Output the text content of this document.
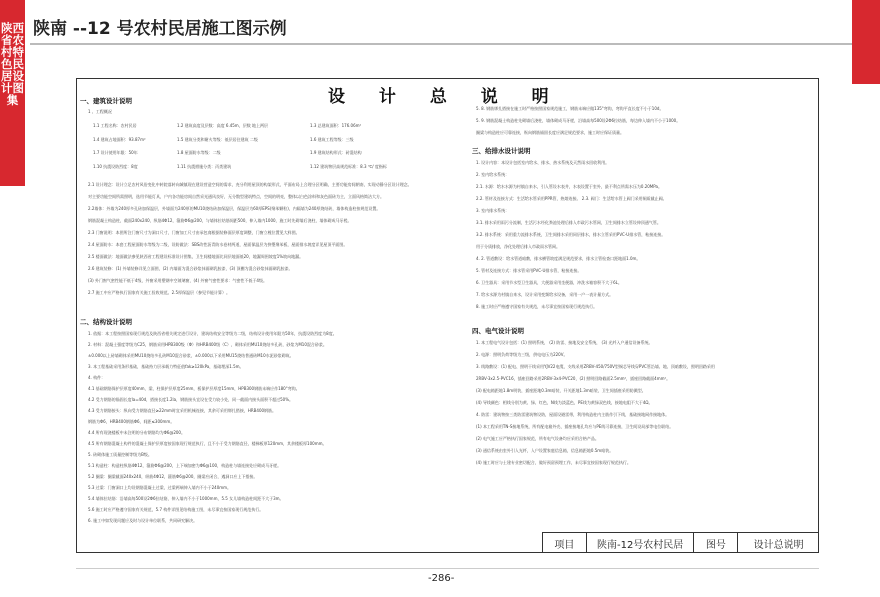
陕西省农村特色民居设计图集
陕南 --12 号农村民居施工图示例
设 计 总 说 明
一、建筑设计说明
1 、工程概况
1.1 工程名称：农村民居	1.2 建筑高度及层数：高度 6.45m，层数 地上两层	1.3 总建筑面积：176.06m²
1.4 建筑占地面积：93.87m²	1.5 建筑分类和耐火等级：低层居住建筑 二级	1.6 建筑工程等级：三级
1.7 设计使用年限：50年	1.8 屋面防水等级：二级	1.9 建筑结构形式：砖混结构
1.10 抗震设防烈度：8度	1.11 抗震措施分类：丙类建筑	1.12 建筑物层高规范标准：8.3 ℃/ 度指标
2.1 设计理念：设计立足农村风俗变化中转院落转向城镇现在建设营造空间的需求，充分利用屋顶的构架形式，平面布局上合理分区明确，主要功能房间朝南，实现动静分区设计理念。
对主要功能空间所需照明，选用节能灯具，户内各功能房间自然采光通风良好，无分散型建筑特点，空间的明亮，整体以白色涂料和灰色面砖为主，立面风格简洁大方。
2.2墙体：外墙为240厚多孔砖加保温层，外墙面为240厚的MU10烧结砖加保温层，保温层为60厚EPS(聚苯颗粒)，内隔墙为240厚烧结砖，墙体构造柱按规范设置。
钢筋混凝土构造柱，截面240x240，纵筋4Φ12，箍筋Φ6@200，与墙体拉结筋间距500，伸入墙内1000，施工时先砌墙后浇柱，墙体砌成马牙槎。
2.3 门窗说明：本图所注门窗尺寸为洞口尺寸，门窗加工尺寸由承包商根据装修面层厚度调整，门窗立樘位置见大样图。
2.4 屋面防水：本套工程屋面防水等级为二级，设防做法：SBS改性沥青防水卷材两道，屋面保温层为挤塑聚苯板，屋面排水坡度详见屋顶平面图。
2.5 楼面做法：地面做法参见陕西省工程建设标准设计图集，卫生间楼地面比同层地面低20，地漏周围坡度1%坡向地漏。
2.6 建筑装修：(1) 外墙装修详见立面图，(2) 内墙面为混合砂浆抹面刷乳胶漆，(3) 顶棚为混合砂浆抹面刷乳胶漆。
(3) 外门窗气密性能不低于4级，外窗采用塑钢中空玻璃窗，(4) 外窗气密性要求：气密性不低于4级。
2.7 施工中应严格执行国家有关施工验收规范。2.5厚保温层（参见节能计算）。
二、结构设计说明
1. 依据：本工程按照国家现行规范及陕西省相关规定进行设计，建筑结构安全等级为二级，结构设计使用年限为50年，抗震设防烈度为8度。
2. 材料：混凝土强度等级为C25，钢筋采用HPB300级（Φ）和HRB400级（C），砌体采用MU10烧结多孔砖，砂浆为M10混合砂浆。
±0.000以上砖墙砌体采用MU10烧结多孔砖M10混合砂浆，±0.000以下采用MU15烧结普通砖M10水泥砂浆砌筑。
3. 本工程基础采用条形基础，基础持力层承载力特征值fak≥120kPa，基础埋深1.5m。
4. 构件：
4.1 基础钢筋保护层厚度40mm，梁、柱保护层厚度25mm，板保护层厚度15mm，HPB300钢筋末端应作180°弯钩。
4.2 受力钢筋的锚固长度la=40d，搭接长度1.2la，钢筋接头宜设在受力较小处，同一截面内接头面积不超过50%。
4.3 受力钢筋接头：纵向受力钢筋直径≥22mm时宜采用机械连接，其余可采用绑扎搭接，HRB400钢筋。
钢筋为Φ6，HRB400钢筋Φ6，间距≤300mm。
4.4 所有现浇楼板中未注明的分布钢筋均为Φ6@200。
4.5 所有钢筋混凝土构件的混凝土保护层厚度按国家现行规范执行，且不小于受力钢筋直径，楼梯板厚120mm，其余楼板厚100mm。
5. 砖砌体施工质量控制等级为B级。
5.1 构造柱：构造柱纵筋4Φ12，箍筋Φ6@200，上下端加密为Φ6@100，构造柱与墙连接处应砌成马牙槎。
5.2 圈梁：圈梁截面240x240，纵筋4Φ12，箍筋Φ6@200，圈梁应闭合，遇洞口应上下搭接。
5.3 过梁：门窗洞口上均设钢筋混凝土过梁，过梁两端伸入墙内不小于240mm。
5.4 墙体拉结筋：沿墙高每500设2Φ6拉结筋，伸入墙内不小于1000mm，5.5 女儿墙构造柱间距不大于3m。
5.6 施工时应严格遵守国家有关规范，5.7 构件详图见结构施工图，未尽事宜按国家现行规范执行。
6. 施工中如发现问题应及时与设计单位联系，共同研究解决。
5. 8. 钢筋绑扎搭接在施工时严格按照国家规范施工，钢筋末端应做135°弯钩，弯钩平直长度不小于10d。
5. 9. 钢筋混凝土构造柱先砌墙后浇柱，墙体砌成马牙槎，沿墙高每500设2Φ6拉结筋，每边伸入墙内不小于1000。
圈梁与构造柱应可靠连接，纵向钢筋锚固长度应满足规范要求，施工时应保证质量。
三、给排水设计说明
1. 设计内容：本设计包括室内给水、排水、热水系统及天然雨水回收利用。
2. 室内给水系统：
2.1. 水源：给水水源为村镇自来水，引入管设水表井，水表设置于室外，最不利点所需水压为0.20MPa。
2.2. 管材及连接方式：生活给水管采用PPR管，热熔连接。 2.3. 阀门：生活给水管上阀门采用铜质截止阀。
3. 室内排水系统：
3.1. 排水采用雨污分流制，生活污水经化粪池处理后排入市政污水管网，卫生间排水立管设伸顶通气管。
3.2. 排水系统：采用重力流排水系统，卫生间排水采用同层排水，排水立管采用PVC-U排水管，粘接连接。
用于分质排放，净化处理后排入市政雨水管网。
4. 2. 管道敷设：给水管道暗敷，排水横管坡度满足规范要求，排水立管检查口距地面1.0m。
5. 管材及连接方式：排水管采用PVC-U排水管，粘接连接。
6. 卫生器具：采用节水型卫生器具，大便器采用坐便器，冲洗水箱容积不大于6L。
7. 给水水源为村镇自来水，设计采用变频给水设备，采用一户一表计量方式。
8. 施工时应严格遵守国家有关规范，未尽事宜按国家现行规范执行。
四、电气设计说明
1. 本工程电气设计包括：(1) 照明系统， (2) 防雷、接地及安全系统， (3) 光纤入户通信设备系统。
2. 电源：照明负荷等级为三级，供电电压为220V。
3. 线路敷设：(1) 配电、照明干线采用YJV22电缆，支线采用ZRBV-450/750V型铜芯导线穿PVC管沿墙、地、顶暗敷设，照明回路采用
2RBV-3x2.5-PVC16，插座回路采用2RBV-3x4-PVC20，(2) 照明回路截面2.5mm²，插座回路截面4mm²。
(3) 配电箱距地1.8m明装，插座距地0.3m暗装，开关距地1.3m暗装，卫生间插座采用防溅型。
(4) 导线颜色：相线分别为黄、绿、红色，N线为淡蓝色，PE线为黄绿双色线，接地电阻不大于4Ω。
4. 防雷：建筑物按三类防雷建筑物设防，屋面设避雷带，利用构造柱内主筋作引下线，基础接地网作接地体。
(1) 本工程采用TN-S接地系统，所有配电箱外壳、插座接地孔均应与PE线可靠连接，卫生间设局部等电位联结。
(2) 电气施工应严格执行国家规范，所有电气设备均应采用合格产品。
(3) 通信系统由室外引入光纤，入户设置家庭信息箱，信息箱距地0.5m暗装。
(4) 施工时应与土建专业密切配合，做好预留预埋工作，未尽事宜按国家现行规范执行。
项目	陕南-12号农村民居	图号	设计总说明
-286-
